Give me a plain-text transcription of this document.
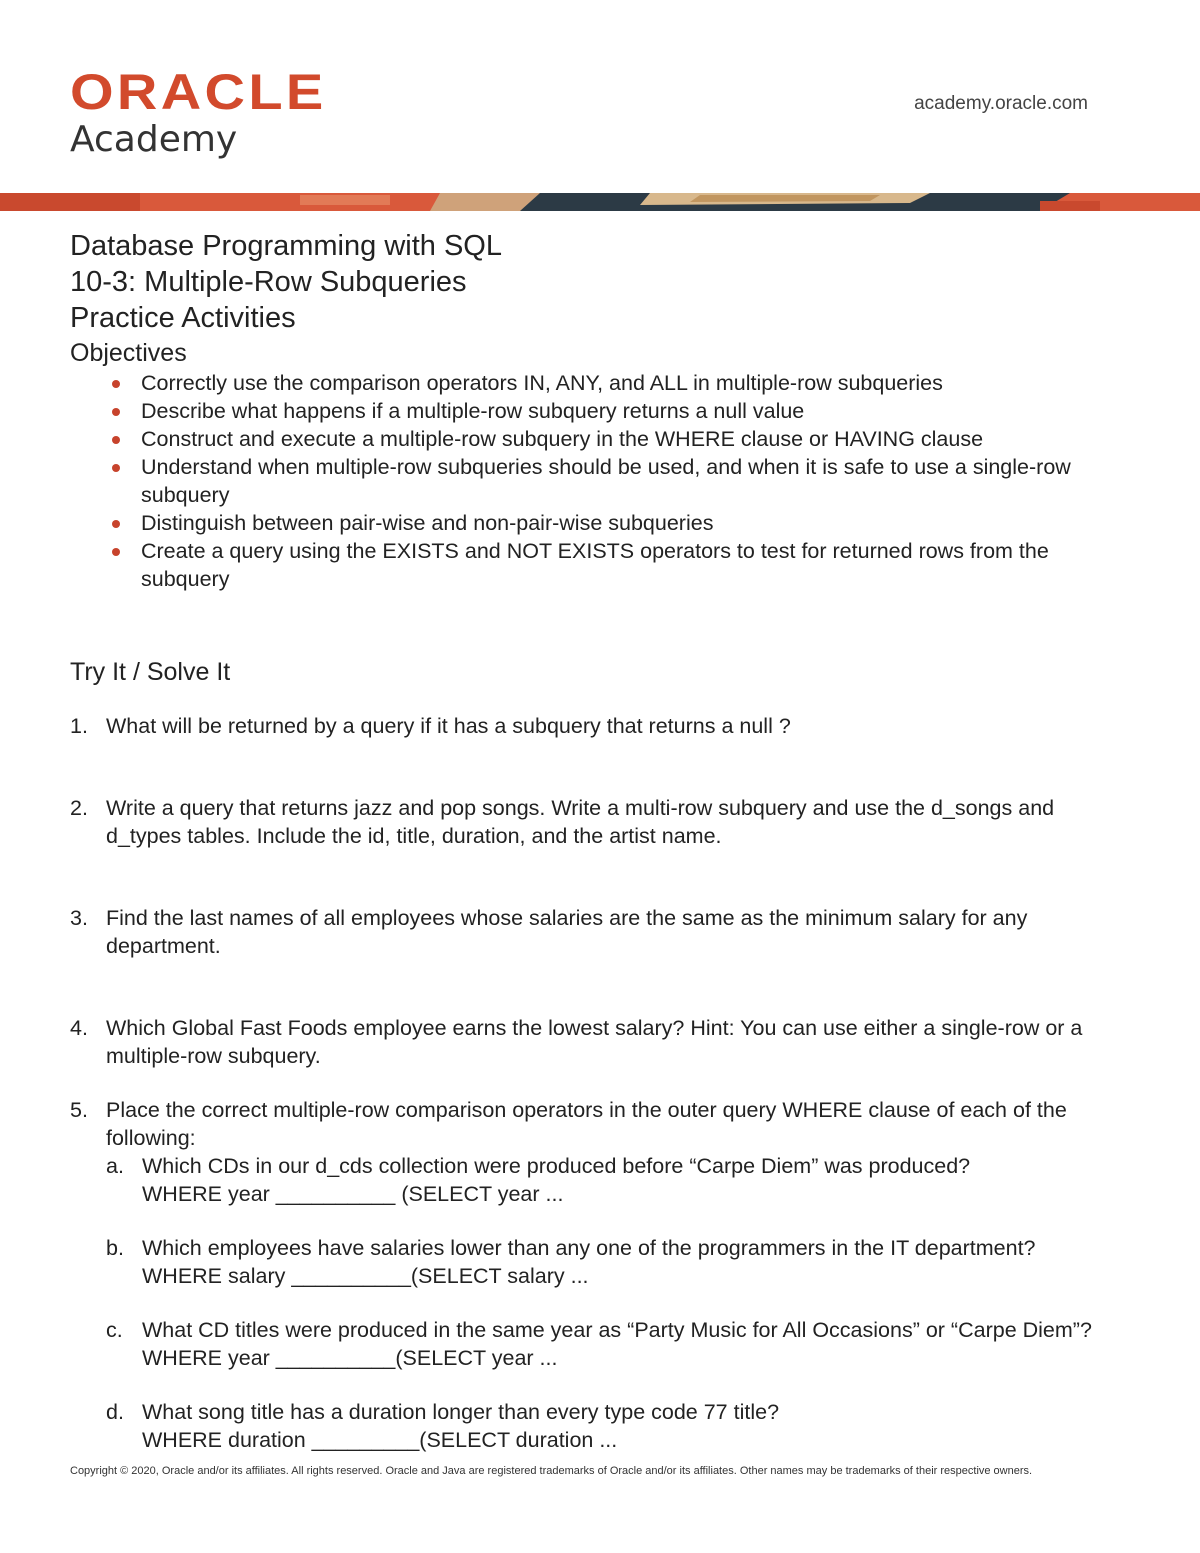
ORACLE
Academy
academy.oracle.com
Database Programming with SQL
10-3: Multiple-Row Subqueries
Practice Activities
Objectives
Correctly use the comparison operators IN, ANY, and ALL in multiple-row subqueries
Describe what happens if a multiple-row subquery returns a null value
Construct and execute a multiple-row subquery in the WHERE clause or HAVING clause
Understand when multiple-row subqueries should be used, and when it is safe to use a single-row subquery
Distinguish between pair-wise and non-pair-wise subqueries
Create a query using the EXISTS and NOT EXISTS operators to test for returned rows from the subquery
Try It / Solve It
1. What will be returned by a query if it has a subquery that returns a null ?
2. Write a query that returns jazz and pop songs. Write a multi-row subquery and use the d_songs and d_types tables. Include the id, title, duration, and the artist name.
3. Find the last names of all employees whose salaries are the same as the minimum salary for any department.
4. Which Global Fast Foods employee earns the lowest salary? Hint: You can use either a single-row or a multiple-row subquery.
5. Place the correct multiple-row comparison operators in the outer query WHERE clause of each of the following:
a. Which CDs in our d_cds collection were produced before “Carpe Diem” was produced?
WHERE year __________ (SELECT year ...
b. Which employees have salaries lower than any one of the programmers in the IT department?
WHERE salary __________(SELECT salary ...
c. What CD titles were produced in the same year as “Party Music for All Occasions” or “Carpe Diem”?
WHERE year __________(SELECT year ...
d. What song title has a duration longer than every type code 77 title?
WHERE duration _________(SELECT duration ...
Copyright © 2020, Oracle and/or its affiliates. All rights reserved. Oracle and Java are registered trademarks of Oracle and/or its affiliates. Other names may be trademarks of their respective owners.
